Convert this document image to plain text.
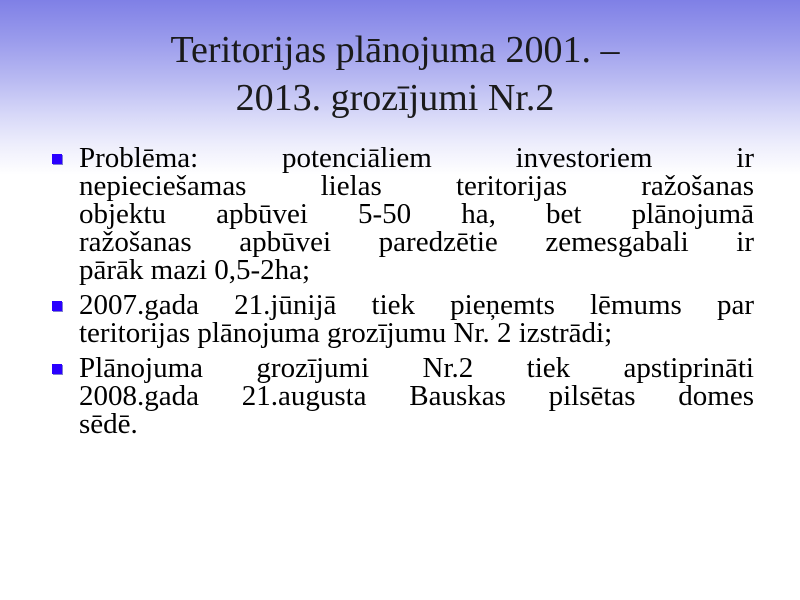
Teritorijas plānojuma 2001. –
2013. grozījumi Nr.2
Problēma: potenciāliem investoriem ir
nepieciešamas lielas teritorijas ražošanas
objektu apbūvei 5-50 ha, bet plānojumā
ražošanas apbūvei paredzētie zemesgabali ir
pārāk mazi 0,5-2ha;
2007.gada 21.jūnijā tiek pieņemts lēmums par
teritorijas plānojuma grozījumu Nr. 2 izstrādi;
Plānojuma grozījumi Nr.2 tiek apstiprināti
2008.gada 21.augusta Bauskas pilsētas domes
sēdē.
